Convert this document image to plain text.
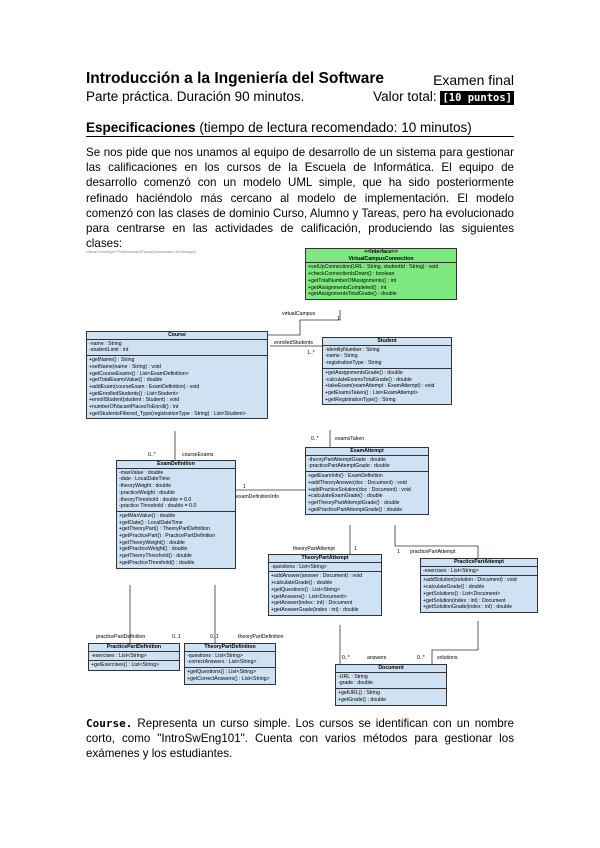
Introducción a la Ingeniería del Software	Examen final
Parte práctica. Duración 90 minutos.	Valor total: [10 puntos]
Especificaciones (tiempo de lectura recomendado: 10 minutos)
Se nos pide que nos unamos al equipo de desarrollo de un sistema para gestionar las calificaciones en los cursos de la Escuela de Informática. El equipo de desarrollo comenzó con un modelo UML simple, que ha sido posteriormente refinado haciéndolo más cercano al modelo de implementación. El modelo comenzó con las clases de dominio Curso, Alumno y Tareas, pero ha evolucionado para centrarse en las actividades de calificación, produciendo las siguientes clases:
Visual Paradigm Professional(Dhyan(Universidad de Málaga))	<<Interface>>
VirtualCampusConnection
+setUpConnection(URL : String, studentId : String) : void
+checkConnectionIsDown() : boolean
+getTotalNumberOfAssignments() : int
+getAssignmentsCompleted() : int
+getAssignmentsTotalGrade() : double
Course
-name : String
-studentLimit : int
+getName() : String
+setName(name : String) : void
+getCourseExams() : List<ExamDefinition>
+getTotalExamsValue() : double
+addExam(courseExam : ExamDefinition) : void
+getEnrolledStudents() : List<Student>
+enrollStudent(student : Student) : void
+numberOfVacantPlacesToEnroll() : int
+getStudentsFiltered_Type(registrationType : String) : List<Student>
Student
-identityNumber : String
-name : String
-registrationType : String
+getAssignmentsGrade() : double
-calculateExamsTotalGrade() : double
+takeExam(examAttempt : ExamAttempt) : void
+getExamsTaken() : List<ExamAttempt>
+getRegistrationType() : String
ExamDefinition
-maxValue : double
-date : LocalDateTime
-theoryWeight : double
-practiceWeight : double
-theoryThreshold : double = 0.0
-practice Threshold : double = 0.0
+getMaxValue() : double
+getDate() : LocalDateTime
+getTheoryPart() : TheoryPartDefinition
+getPracticePart() : PracticePartDefinition
+getTheoryWeight() : double
+getPracticeWeight() : double
+getTheoryThreshold() : double
+getPracticeThreshold() : double
ExamAttempt
-theoryPartAttemptGrade : double
-practicePartAttemptGrade : double
+getExamInfo() : ExamDefinition
+addTheoryAnswer(doc : Document) : void
+addPracticeSolution(doc : Document) : void
+calculateExamGrade() : double
+getTheoryPartAttemptGrade() : double
+getPracticePartAttemptGrade() : double
TheoryPartAttempt
-questions : List<String>
+addAnswer(answer : Document) : void
+calculateGrade() : double
+getQuestions() : List<String>
+getAnswers() : List<Document>
+getAnswer(index : int) : Document
+getAnswerGrade(index : int) : double
PracticePartAttempt
-exercises : List<String>
+addSolution(solution : Document) : void
+calculateGrade() : double
+getSolutions() : List<Document>
+getSolution(index : int) : Document
+getSolutionGrade(index : int) : double
PracticePartDefinition
-exercises : List<String>
+getExercises() : List<String>
TheoryPartDefinition
-questions : List<String>
-correctAnswers : List<String>
+getQuestions() : List<String>
+getCorrectAnswers() : List<String>
Document
-URL : String
-grade : double
+getURL() : String
+getGrade() : double
virtualCampus
1
enrolledStudents
1..*
0..*	courseExams
0..*	examsTaken
1
examDefinitionInfo
theoryPartAttempt	1	1 practicePartAttempt
practicePartDefinition	0..1	0..1	theoryPartDefinition
0..*	answers	0..* solutions
Course. Representa un curso simple. Los cursos se identifican con un nombre corto, como "IntroSwEng101". Cuenta con varios métodos para gestionar los exámenes y los estudiantes.
